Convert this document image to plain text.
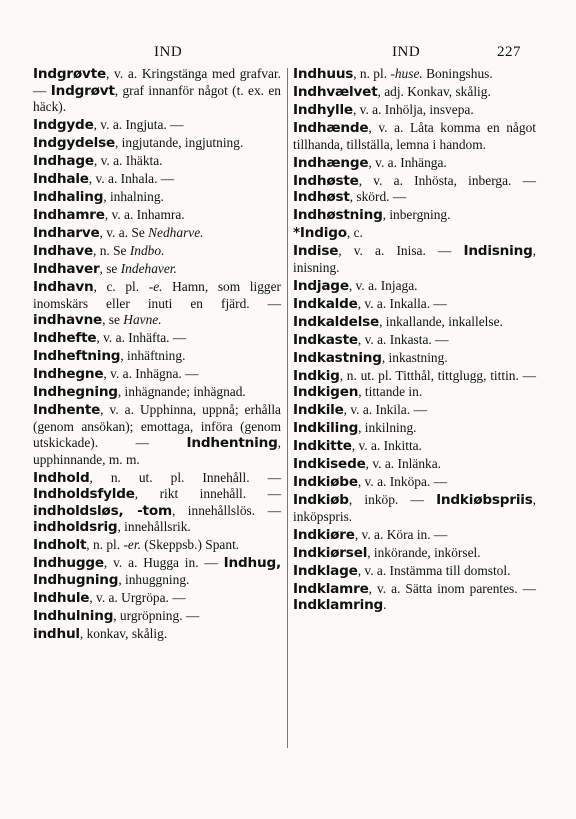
IND	IND	227

Indgrøvte, v. a. Kringstänga med grafvar. — Indgrøvt, graf innanför något (t. ex. en häck).

Indgyde, v. a. Ingjuta. —

Indgydelse, ingjutande, ingjutning.

Indhage, v. a. Ihäkta.

Indhale, v. a. Inhala. —

Indhaling, inhalning.

Indhamre, v. a. Inhamra.

Indharve, v. a. Se Nedharve.

Indhave, n. Se Indbo.

Indhaver, se Indehaver.

Indhavn, c. pl. -e. Hamn, som ligger inomskärs eller inuti en fjärd. — indhavne, se Havne.

Indhefte, v. a. Inhäfta. —

Indheftning, inhäftning.

Indhegne, v. a. Inhägna. —

Indhegning, inhägnande; inhägnad.

Indhente, v. a. Upphinna, uppnå; erhålla (genom ansökan); emottaga, införa (genom utskickade). — Indhentning, upphinnande, m. m.

Indhold, n. ut. pl. Innehåll. — Indholdsfylde, rikt innehåll. — indholdsløs, -tom, innehållslös. — indholdsrig, innehållsrik.

Indholt, n. pl. -er. (Skeppsb.) Spant.

Indhugge, v. a. Hugga in. — Indhug, Indhugning, inhuggning.

Indhule, v. a. Urgröpa. —

Indhulning, urgröpning. —

indhul, konkav, skålig.

Indhuus, n. pl. -huse. Boningshus.

Indhvælvet, adj. Konkav, skålig.

Indhylle, v. a. Inhölja, insvepa.

Indhænde, v. a. Låta komma en något tillhanda, tillställa, lemna i handom.

Indhænge, v. a. Inhänga.

Indhøste, v. a. Inhösta, inberga. — Indhøst, skörd. —

Indhøstning, inbergning.

*Indigo, c.

Indise, v. a. Inisa. — Indisning, inisning.

Indjage, v. a. Injaga.

Indkalde, v. a. Inkalla. —

Indkaldelse, inkallande, inkallelse.

Indkaste, v. a. Inkasta. —

Indkastning, inkastning.

Indkig, n. ut. pl. Titthål, tittglugg, tittin. — Indkigen, tittande in.

Indkile, v. a. Inkila. —

Indkiling, inkilning.

Indkitte, v. a. Inkitta.

Indkisede, v. a. Inlänka.

Indkiøbe, v. a. Inköpa. —

Indkiøb, inköp. — Indkiøbspriis, inköpspris.

Indkiøre, v. a. Köra in. —

Indkiørsel, inkörande, inkörsel.

Indklage, v. a. Instämma till domstol.

Indklamre, v. a. Sätta inom parentes. — Indklamring.
